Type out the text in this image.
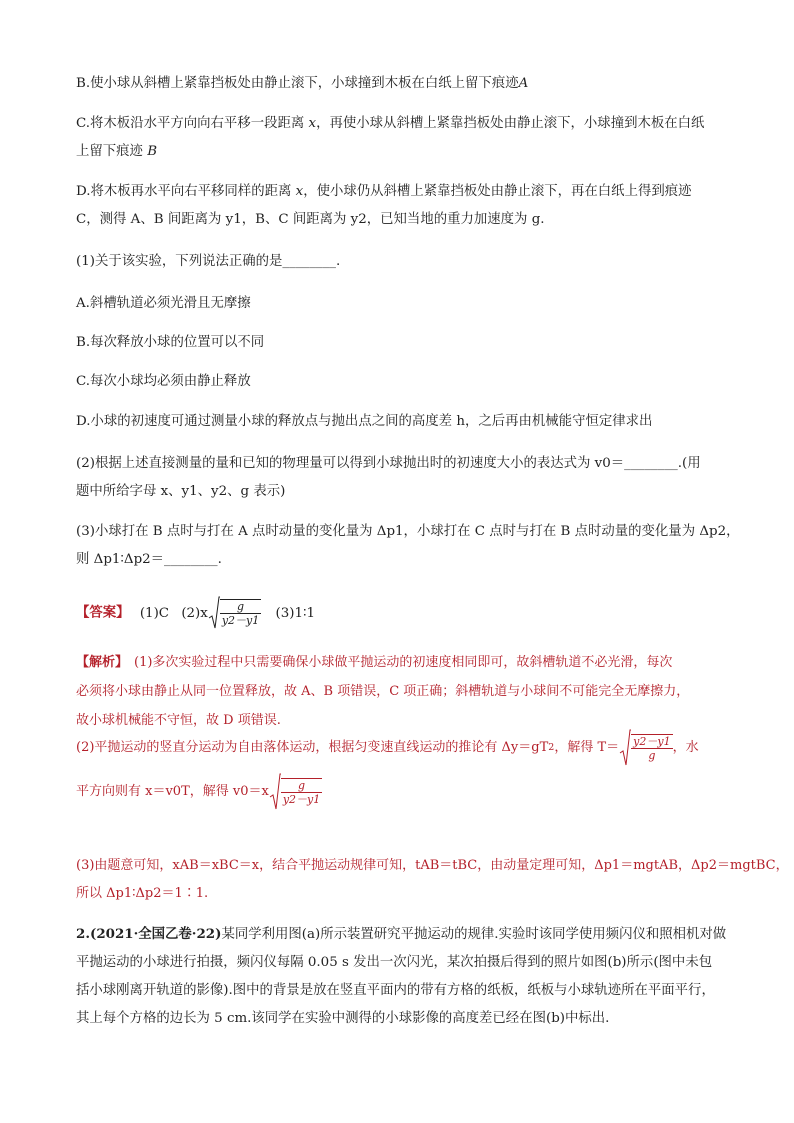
B.使小球从斜槽上紧靠挡板处由静止滚下，小球撞到木板在白纸上留下痕迹A
C.将木板沿水平方向向右平移一段距离 x，再使小球从斜槽上紧靠挡板处由静止滚下，小球撞到木板在白纸
上留下痕迹 B
D.将木板再水平向右平移同样的距离 x，使小球仍从斜槽上紧靠挡板处由静止滚下，再在白纸上得到痕迹
C，测得 A、B 间距离为 y1，B、C 间距离为 y2，已知当地的重力加速度为 g.
(1)关于该实验，下列说法正确的是________.
A.斜槽轨道必须光滑且无摩擦
B.每次释放小球的位置可以不同
C.每次小球均必须由静止释放
D.小球的初速度可通过测量小球的释放点与抛出点之间的高度差 h，之后再由机械能守恒定律求出
(2)根据上述直接测量的量和已知的物理量可以得到小球抛出时的初速度大小的表达式为 v0＝________.(用
题中所给字母 x、y1、y2、g 表示)
(3)小球打在 B 点时与打在 A 点时动量的变化量为 Δp1，小球打在 C 点时与打在 B 点时动量的变化量为 Δp2，
则 Δp1∶Δp2＝________.
【答案】 (1)C $(2)x \frac{g}{y2-y1}$ (3)1∶1
【解析】 (1)多次实验过程中只需要确保小球做平抛运动的初速度相同即可，故斜槽轨道不必光滑，每次
必须将小球由静止从同一位置释放，故 A、B 项错误，C 项正确；斜槽轨道与小球间不可能完全无摩擦力，
故小球机械能不守恒，故 D 项错误.
(2)平抛运动的竖直分运动为自由落体运动，根据匀变速直线运动的推论有 Δy＝gT 2 ，解得 $T= \frac{y2-y1}{g}$ ，水
平方向则有 x＝v0T，解得 $v0=x \frac{g}{y2-y1}$
(3)由题意可知，xAB＝xBC＝x，结合平抛运动规律可知，tAB＝tBC，由动量定理可知，Δp1＝mgtAB，Δp2＝mgtBC，
所以 Δp1∶Δp2＝1∶1.
2.(2021·全国乙卷·22)某同学利用图(a)所示装置研究平抛运动的规律.实验时该同学使用频闪仪和照相机对做
平抛运动的小球进行拍摄，频闪仪每隔 0.05 s 发出一次闪光，某次拍摄后得到的照片如图(b)所示(图中未包
括小球刚离开轨道的影像).图中的背景是放在竖直平面内的带有方格的纸板，纸板与小球轨迹所在平面平行，
其上每个方格的边长为 5 cm.该同学在实验中测得的小球影像的高度差已经在图(b)中标出.
